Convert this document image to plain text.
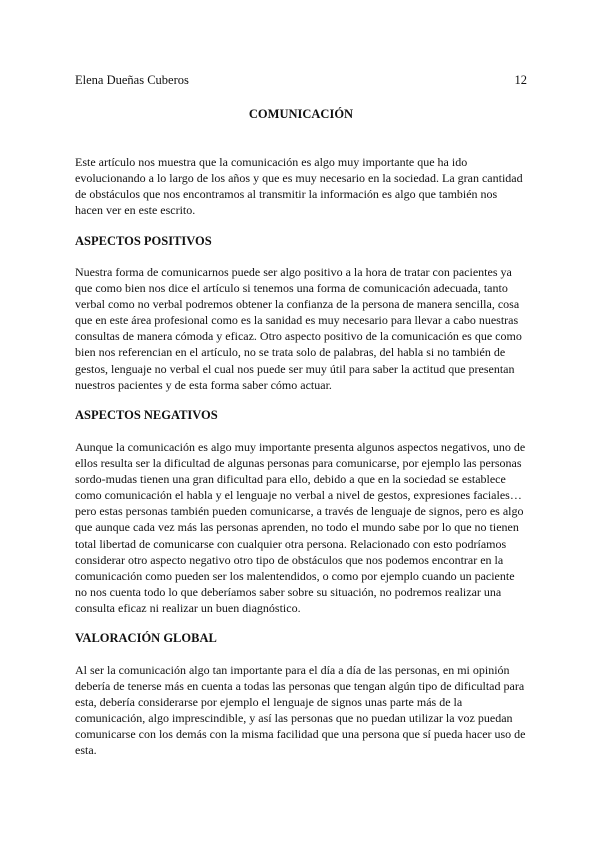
Elena Dueñas Cuberos	12
COMUNICACIÓN

Este artículo nos muestra que la comunicación es algo muy importante que ha ido evolucionando a lo largo de los años y que es muy necesario en la sociedad. La gran cantidad de obstáculos que nos encontramos al transmitir la información es algo que también nos hacen ver en este escrito.

ASPECTOS POSITIVOS

Nuestra forma de comunicarnos puede ser algo positivo a la hora de tratar con pacientes ya que como bien nos dice el artículo si tenemos una forma de comunicación adecuada, tanto verbal como no verbal podremos obtener la confianza de la persona de manera sencilla, cosa que en este área profesional como es la sanidad es muy necesario para llevar a cabo nuestras consultas de manera cómoda y eficaz. Otro aspecto positivo de la comunicación es que como bien nos referencian en el artículo, no se trata solo de palabras, del habla si no también de gestos, lenguaje no verbal el cual nos puede ser muy útil para saber la actitud que presentan nuestros pacientes y de esta forma saber cómo actuar.

ASPECTOS NEGATIVOS

Aunque la comunicación es algo muy importante presenta algunos aspectos negativos, uno de ellos resulta ser la dificultad de algunas personas para comunicarse, por ejemplo las personas sordo-mudas tienen una gran dificultad para ello, debido a que en la sociedad se establece como comunicación el habla y el lenguaje no verbal a nivel de gestos, expresiones faciales… pero estas personas también pueden comunicarse, a través de lenguaje de signos, pero es algo que aunque cada vez más las personas aprenden, no todo el mundo sabe por lo que no tienen total libertad de comunicarse con cualquier otra persona. Relacionado con esto podríamos considerar otro aspecto negativo otro tipo de obstáculos que nos podemos encontrar en la comunicación como pueden ser los malentendidos, o como por ejemplo cuando un paciente no nos cuenta todo lo que deberíamos saber sobre su situación, no podremos realizar una consulta eficaz ni realizar un buen diagnóstico.

VALORACIÓN GLOBAL

Al ser la comunicación algo tan importante para el día a día de las personas, en mi opinión debería de tenerse más en cuenta a todas las personas que tengan algún tipo de dificultad para esta, debería considerarse por ejemplo el lenguaje de signos unas parte más de la comunicación, algo imprescindible, y así las personas que no puedan utilizar la voz puedan comunicarse con los demás con la misma facilidad que una persona que sí pueda hacer uso de esta.
